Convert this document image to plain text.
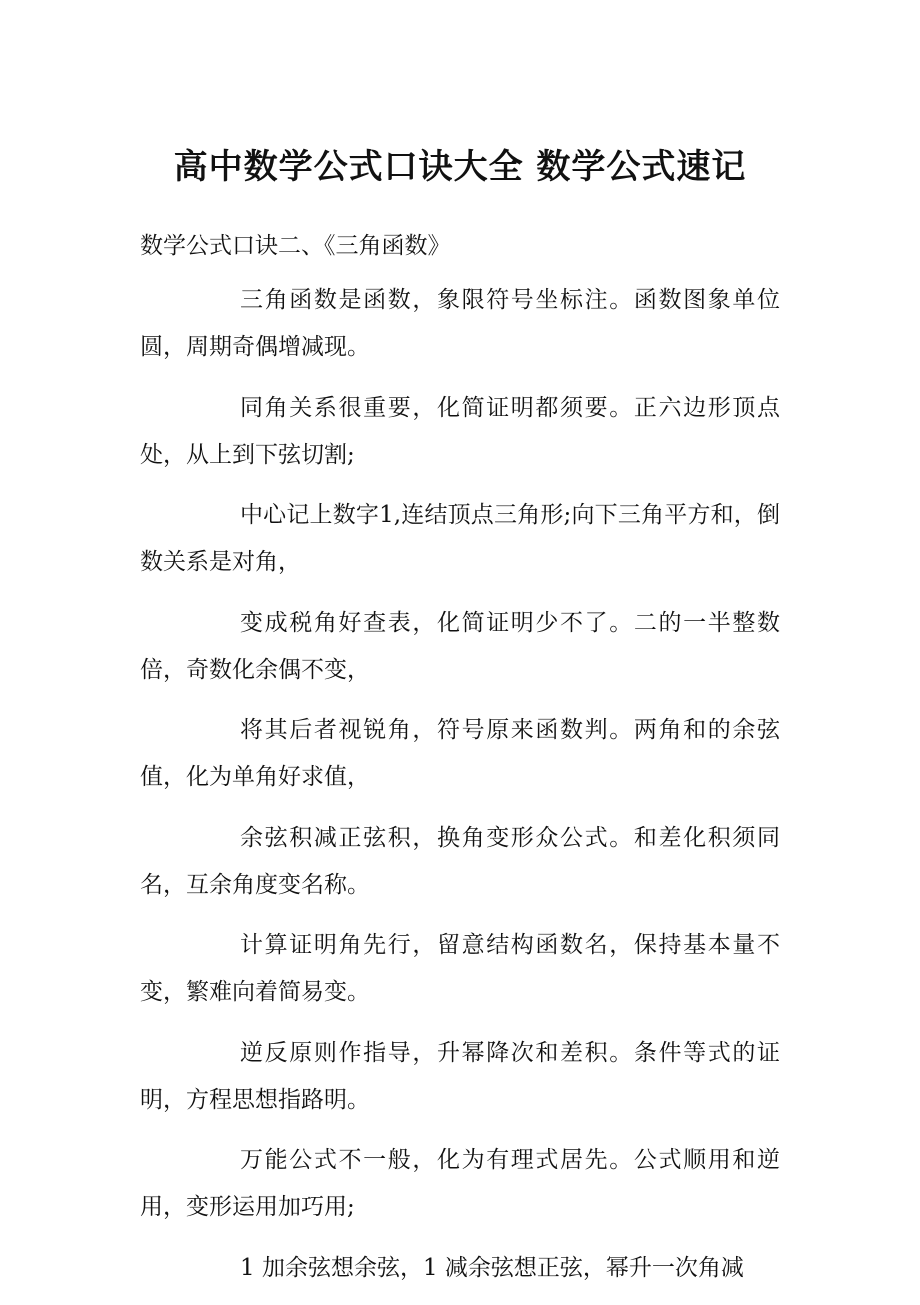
高中数学公式口诀大全 数学公式速记

数学公式口诀二、《三角函数》

三角函数是函数，象限符号坐标注。函数图象单位圆，周期奇偶增减现。

同角关系很重要，化简证明都须要。正六边形顶点处，从上到下弦切割;

中心记上数字1,连结顶点三角形;向下三角平方和，倒数关系是对角，

变成税角好查表，化简证明少不了。二的一半整数倍，奇数化余偶不变，

将其后者视锐角，符号原来函数判。两角和的余弦值，化为单角好求值，

余弦积减正弦积，换角变形众公式。和差化积须同名，互余角度变名称。

计算证明角先行，留意结构函数名，保持基本量不变，繁难向着简易变。

逆反原则作指导，升幂降次和差积。条件等式的证明，方程思想指路明。

万能公式不一般，化为有理式居先。公式顺用和逆用，变形运用加巧用;

1 加余弦想余弦，1 减余弦想正弦，幂升一次角减
